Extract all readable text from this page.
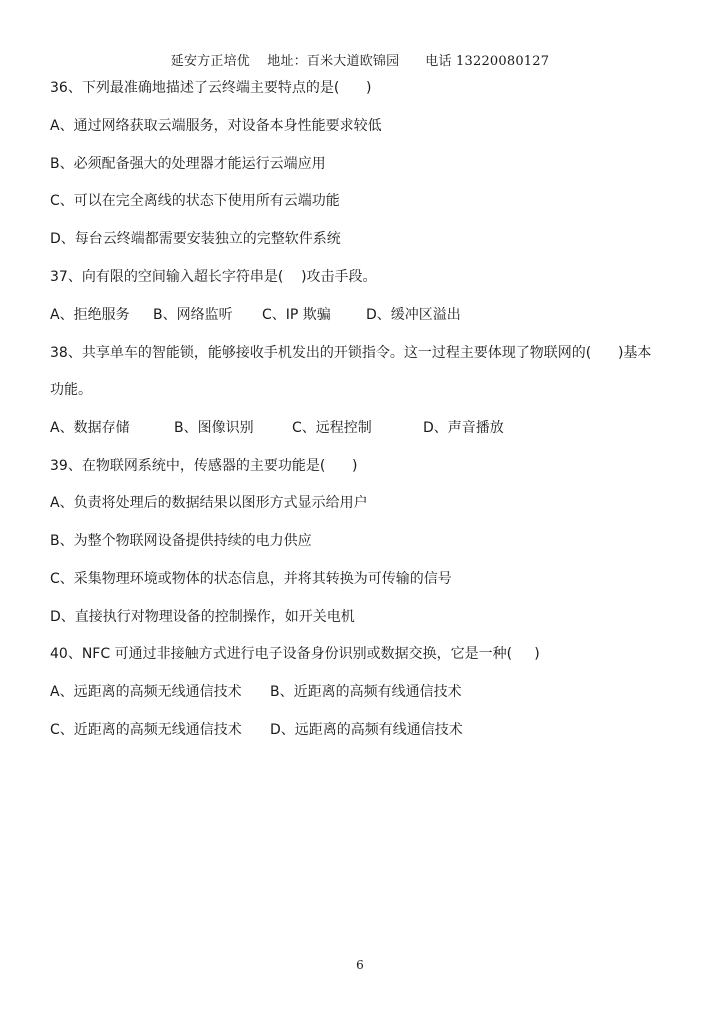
延安方正培优    地址：百米大道欧锦园      电话 13220080127
36、下列最准确地描述了云终端主要特点的是(      )
A、通过网络获取云端服务，对设备本身性能要求较低
B、必须配备强大的处理器才能运行云端应用
C、可以在完全离线的状态下使用所有云端功能
D、每台云终端都需要安装独立的完整软件系统
37、向有限的空间输入超长字符串是(    )攻击手段。

A、拒绝服务

B、网络监听

C、IP 欺骗

	D、缓冲区溢出

38、共享单车的智能锁，能够接收手机发出的开锁指令。这一过程主要体现了物联网的(      )基本
功能。

A、数据存储

	B、图像识别

	C、远程控制

	D、声音播放

39、在物联网系统中，传感器的主要功能是(      )
A、负责将处理后的数据结果以图形方式显示给用户
B、为整个物联网设备提供持续的电力供应
C、采集物理环境或物体的状态信息，并将其转换为可传输的信号
D、直接执行对物理设备的控制操作，如开关电机
40、NFC 可通过非接触方式进行电子设备身份识别或数据交换，它是一种(     )

A、远距离的高频无线通信技术

B、近距离的高频有线通信技术

C、近距离的高频无线通信技术

D、远距离的高频有线通信技术

6
